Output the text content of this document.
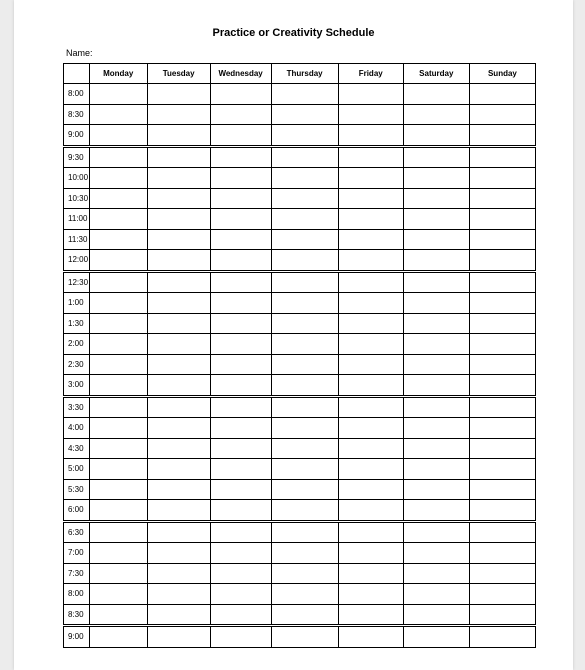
Practice or Creativity Schedule
Name:
	Monday	Tuesday	Wednesday	Thursday	Friday	Saturday	Sunday
8:00							
8:30							
9:00							
9:30							
10:00							
10:30							
11:00							
11:30							
12:00							
12:30							
1:00							
1:30							
2:00							
2:30							
3:00							
3:30							
4:00							
4:30							
5:00							
5:30							
6:00							
6:30							
7:00							
7:30							
8:00							
8:30							
9:00							
